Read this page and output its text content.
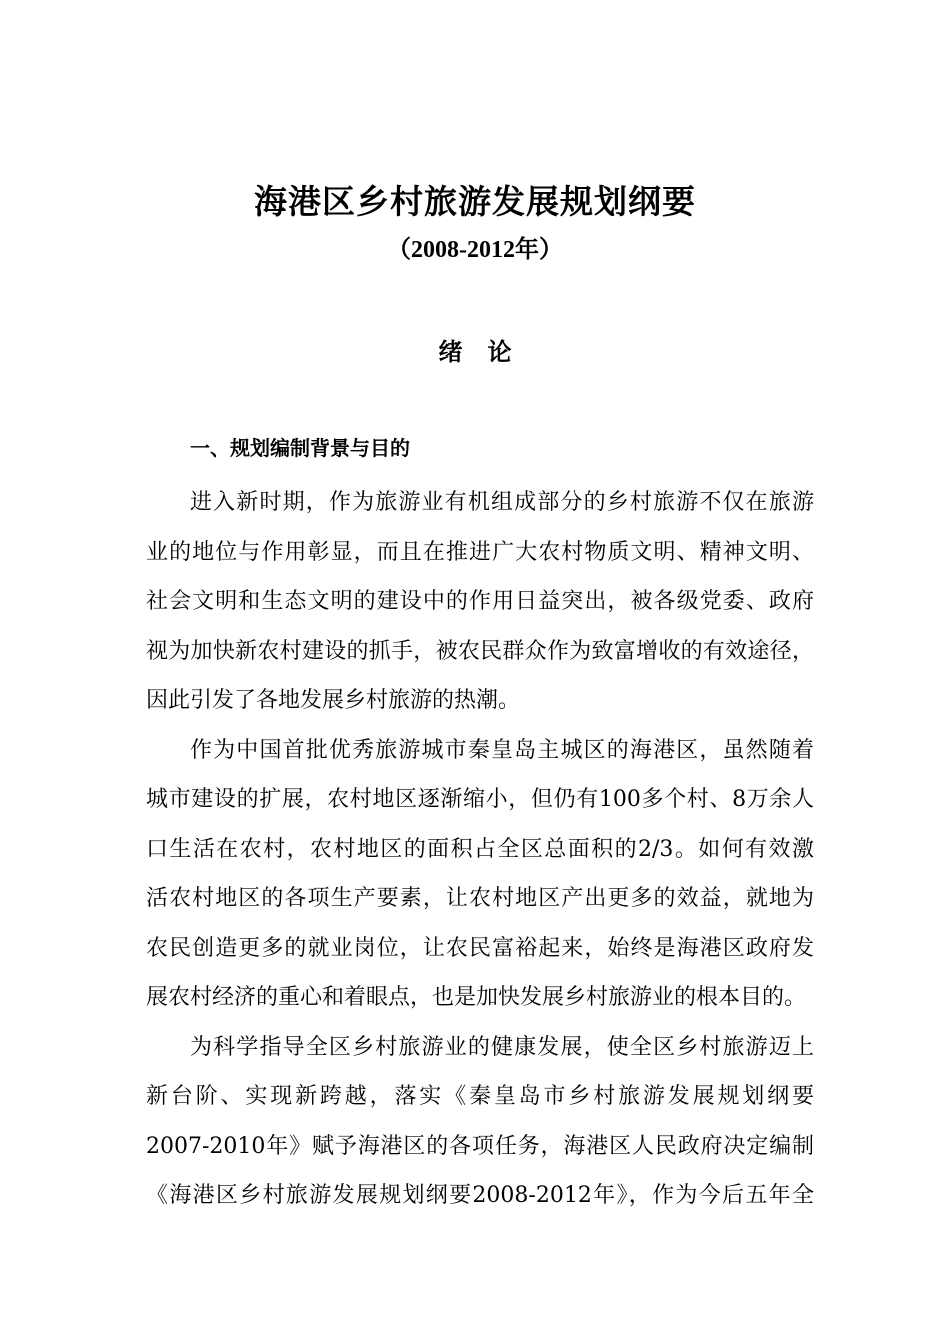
海港区乡村旅游发展规划纲要
（2008-2012年）
绪   论
一、规划编制背景与目的
进入新时期，作为旅游业有机组成部分的乡村旅游不仅在旅游
业的地位与作用彰显，而且在推进广大农村物质文明、精神文明、
社会文明和生态文明的建设中的作用日益突出，被各级党委、政府
视为加快新农村建设的抓手，被农民群众作为致富增收的有效途径，
因此引发了各地发展乡村旅游的热潮。
作为中国首批优秀旅游城市秦皇岛主城区的海港区，虽然随着
城市建设的扩展，农村地区逐渐缩小，但仍有100多个村、8万余人
口生活在农村，农村地区的面积占全区总面积的2/3。如何有效激
活农村地区的各项生产要素，让农村地区产出更多的效益，就地为
农民创造更多的就业岗位，让农民富裕起来，始终是海港区政府发
展农村经济的重心和着眼点，也是加快发展乡村旅游业的根本目的。
为科学指导全区乡村旅游业的健康发展，使全区乡村旅游迈上
新台阶、实现新跨越，落实《秦皇岛市乡村旅游发展规划纲要
2007-2010年》赋予海港区的各项任务，海港区人民政府决定编制
《海港区乡村旅游发展规划纲要2008-2012年》，作为今后五年全
